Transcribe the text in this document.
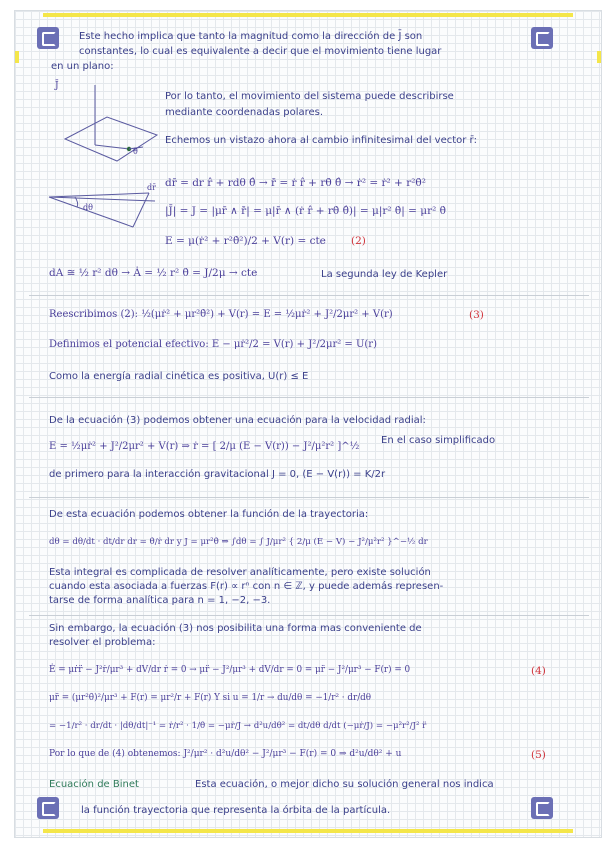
Este hecho implica que tanto la magnitud como la dirección de J̄ son
constantes, lo cual es equivalente a decir que el movimiento tiene lugar
en un plano:
J̄
θ̂
Por lo tanto, el movimiento del sistema puede describirse
mediante coordenadas polares.
Echemos un vistazo ahora al cambio infinitesimal del vector r̄:
dr̄
dθ
dr̄ = dr r̂ + rdθ θ̂ → r̄̇ = ṙ r̂ + rθ̇ θ̂ → ṙ² = ṙ² + r²θ̇²
|J̄| = J = |μr̄ ∧ ṙ̄| = μ|r̄ ∧ (ṙ r̂ + rθ̇ θ̂)| = μ|r² θ̇| = μr² θ̇
E = μ(ṙ² + r²θ̇²)/2 + V(r) = cte (2)
dA ≅ ½ r² dθ → Ȧ = ½ r² θ̇ = J/2μ → cte	La segunda ley de Kepler
Reescribimos (2): ½(μṙ² + μr²θ̇²) + V(r) = E = ½μṙ² + J²/2μr² + V(r)	(3)
Definimos el potencial efectivo: E − μṙ²/2 = V(r) + J²/2μr² = U(r)
Como la energía radial cinética es positiva, U(r) ≤ E
De la ecuación (3) podemos obtener una ecuación para la velocidad radial:
E = ½μṙ² + J²/2μr² + V(r) ⇒ ṙ = [ 2/μ (E − V(r)) − J²/μ²r² ]^½
En el caso simplificado
de primero para la interacción gravitacional J = 0, (E − V(r)) = K/2r
De esta ecuación podemos obtener la función de la trayectoria:
dθ = dθ/dt · dt/dr dr = θ̇/ṙ dr y J = μr²θ̇ ⇒ ∫dθ = ∫ J/μr² { 2/μ (E − V) − J²/μ²r² }^−½ dr
Esta integral es complicada de resolver analíticamente, pero existe solución
cuando esta asociada a fuerzas F(r) ∝ rⁿ con n ∈ ℤ, y puede además represen-
tarse de forma analítica para n = 1, −2, −3.
Sin embargo, la ecuación (3) nos posibilita una forma mas conveniente de
resolver el problema:
Ė = μṙr̈ − J²ṙ/μr³ + dV/dr ṙ = 0 → μr̈ − J²/μr³ + dV/dr = 0 = μr̈ − J²/μr³ − F(r) = 0	(4)
μr̈ = (μr²θ̇)²/μr³ + F(r) = μr²/r + F(r) Y si u = 1/r → du/dθ = −1/r² · dr/dθ
= −1/r² · dr/dt · |dθ/dt|⁻¹ = ṙ/r² · 1/θ̇ = −μṙ/J → d²u/dθ² = dt/dθ d/dt (−μṙ/J) = −μ²r²/J² r̈
Por lo que de (4) obtenemos: J²/μr² · d²u/dθ² − J²/μr³ − F(r) = 0 ⇒ d²u/dθ² + u	(5)
Ecuación de Binet	Esta ecuación, o mejor dicho su solución general nos indica
la función trayectoria que representa la órbita de la partícula.
